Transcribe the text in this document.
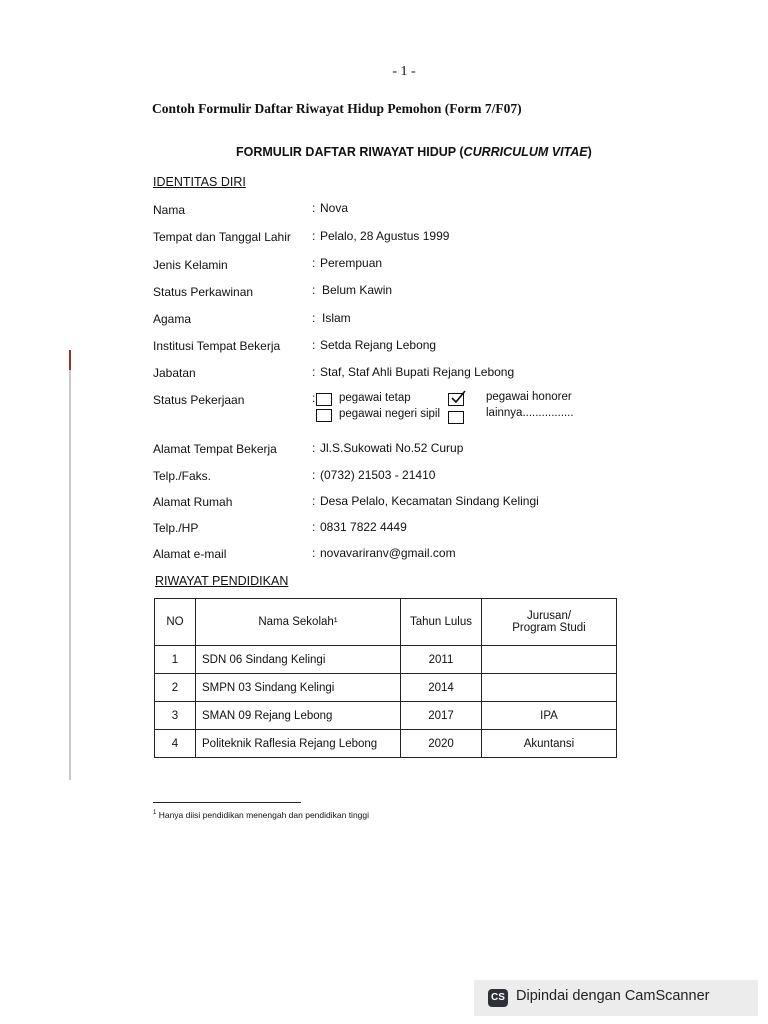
- 1 -
Contoh Formulir Daftar Riwayat Hidup Pemohon (Form 7/F07)
FORMULIR DAFTAR RIWAYAT HIDUP (CURRICULUM VITAE)
IDENTITAS DIRI
Nama	: Nova
Tempat dan Tanggal Lahir : Pelalo, 28 Agustus 1999
Jenis Kelamin	: Perempuan
Status Perkawinan	: Belum Kawin
Agama	: Islam
Institusi Tempat Bekerja	: Setda Rejang Lebong
Jabatan	: Staf, Staf Ahli Bupati Rejang Lebong
Status Pekerjaan	: pegawai tetap
pegawai negeri sipil
pegawai honorer
lainnya................
Alamat Tempat Bekerja	: Jl.S.Sukowati No.52 Curup
Telp./Faks.	: (0732) 21503 - 21410
Alamat Rumah	: Desa Pelalo, Kecamatan Sindang Kelingi
Telp./HP	: 0831 7822 4449
Alamat e-mail	: novavariranv@gmail.com
RIWAYAT PENDIDIKAN
NO	Nama Sekolah¹	Tahun Lulus	Jurusan/
Program Studi
1	SDN 06 Sindang Kelingi	2011	
2	SMPN 03 Sindang Kelingi	2014	
3	SMAN 09 Rejang Lebong	2017	IPA
4	Politeknik Raflesia Rejang Lebong	2020	Akuntansi
$^1$ Hanya diisi pendidikan menengah dan pendidikan tinggi
CS Dipindai dengan CamScanner
